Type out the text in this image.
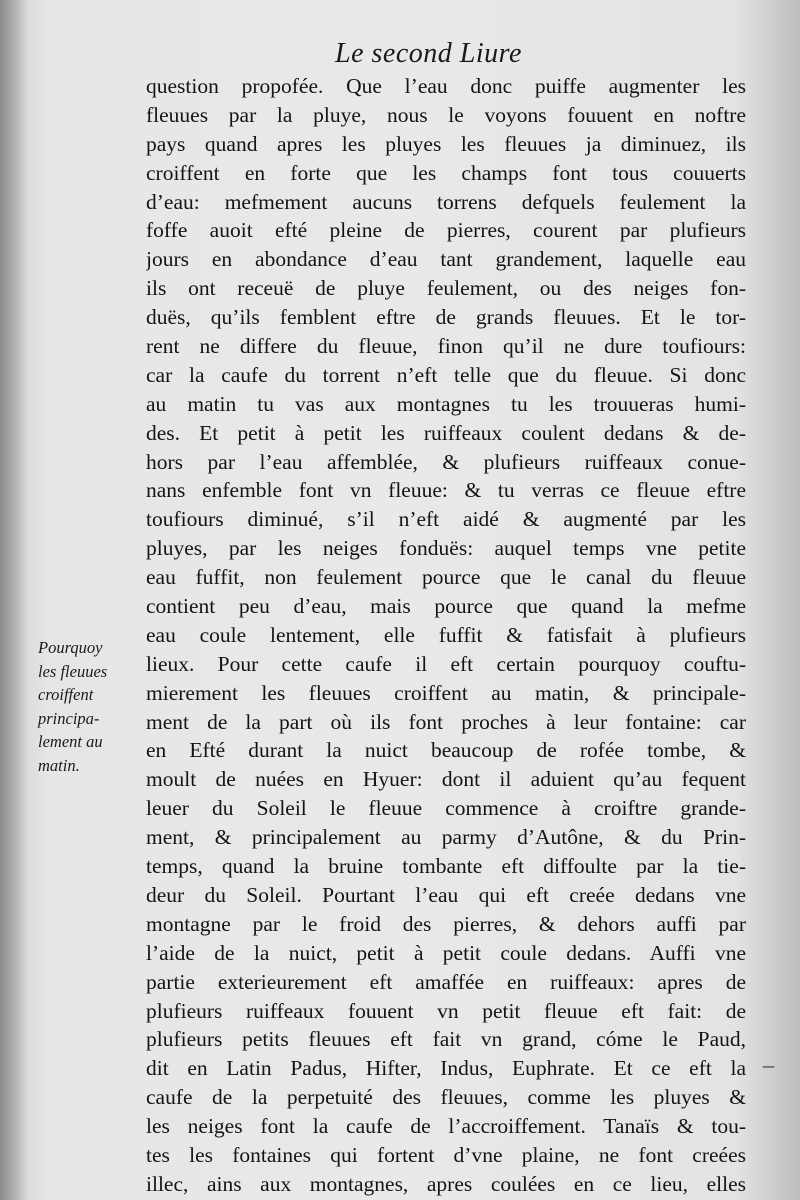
Le second Liure
question propofée. Que l’eau donc puiffe augmenter les
fleuues par la pluye, nous le voyons fouuent en noftre
pays quand apres les pluyes les fleuues ja diminuez, ils
croiffent en forte que les champs font tous couuerts
d’eau: mefmement aucuns torrens defquels feulement la
foffe auoit efté pleine de pierres, courent par plufieurs
jours en abondance d’eau tant grandement, laquelle eau
ils ont receuë de pluye feulement, ou des neiges fon-
duës, qu’ils femblent eftre de grands fleuues. Et le tor-
rent ne differe du fleuue, finon qu’il ne dure toufiours:
car la caufe du torrent n’eft telle que du fleuue. Si donc
au matin tu vas aux montagnes tu les trouueras humi-
des. Et petit à petit les ruiffeaux coulent dedans & de-
hors par l’eau affemblée, & plufieurs ruiffeaux conue-
nans enfemble font vn fleuue: & tu verras ce fleuue eftre
toufiours diminué, s’il n’eft aidé & augmenté par les
pluyes, par les neiges fonduës: auquel temps vne petite
eau fuffit, non feulement pource que le canal du fleuue
contient peu d’eau, mais pource que quand la mefme
eau coule lentement, elle fuffit & fatisfait à plufieurs
lieux. Pour cette caufe il eft certain pourquoy couftu-
mierement les fleuues croiffent au matin, & principale-
ment de la part où ils font proches à leur fontaine: car
en Efté durant la nuict beaucoup de rofée tombe, &
moult de nuées en Hyuer: dont il aduient qu’au fequent
leuer du Soleil le fleuue commence à croiftre grande-
ment, & principalement au parmy d’Autône, & du Prin-
temps, quand la bruine tombante eft diffoulte par la tie-
deur du Soleil. Pourtant l’eau qui eft creée dedans vne
montagne par le froid des pierres, & dehors auffi par
l’aide de la nuict, petit à petit coule dedans. Auffi vne
partie exterieurement eft amaffée en ruiffeaux: apres de
plufieurs ruiffeaux fouuent vn petit fleuue eft fait: de
plufieurs petits fleuues eft fait vn grand, cóme le Paud,
dit en Latin Padus, Hifter, Indus, Euphrate. Et ce eft la
caufe de la perpetuité des fleuues, comme les pluyes &
les neiges font la caufe de l’accroiffement. Tanaïs & tou-
tes les fontaines qui fortent d’vne plaine, ne font creées
illec, ains aux montagnes, apres coulées en ce lieu, elles
Pourquoy
les fleuues
croiffent
principa-
lement au
matin.
–
